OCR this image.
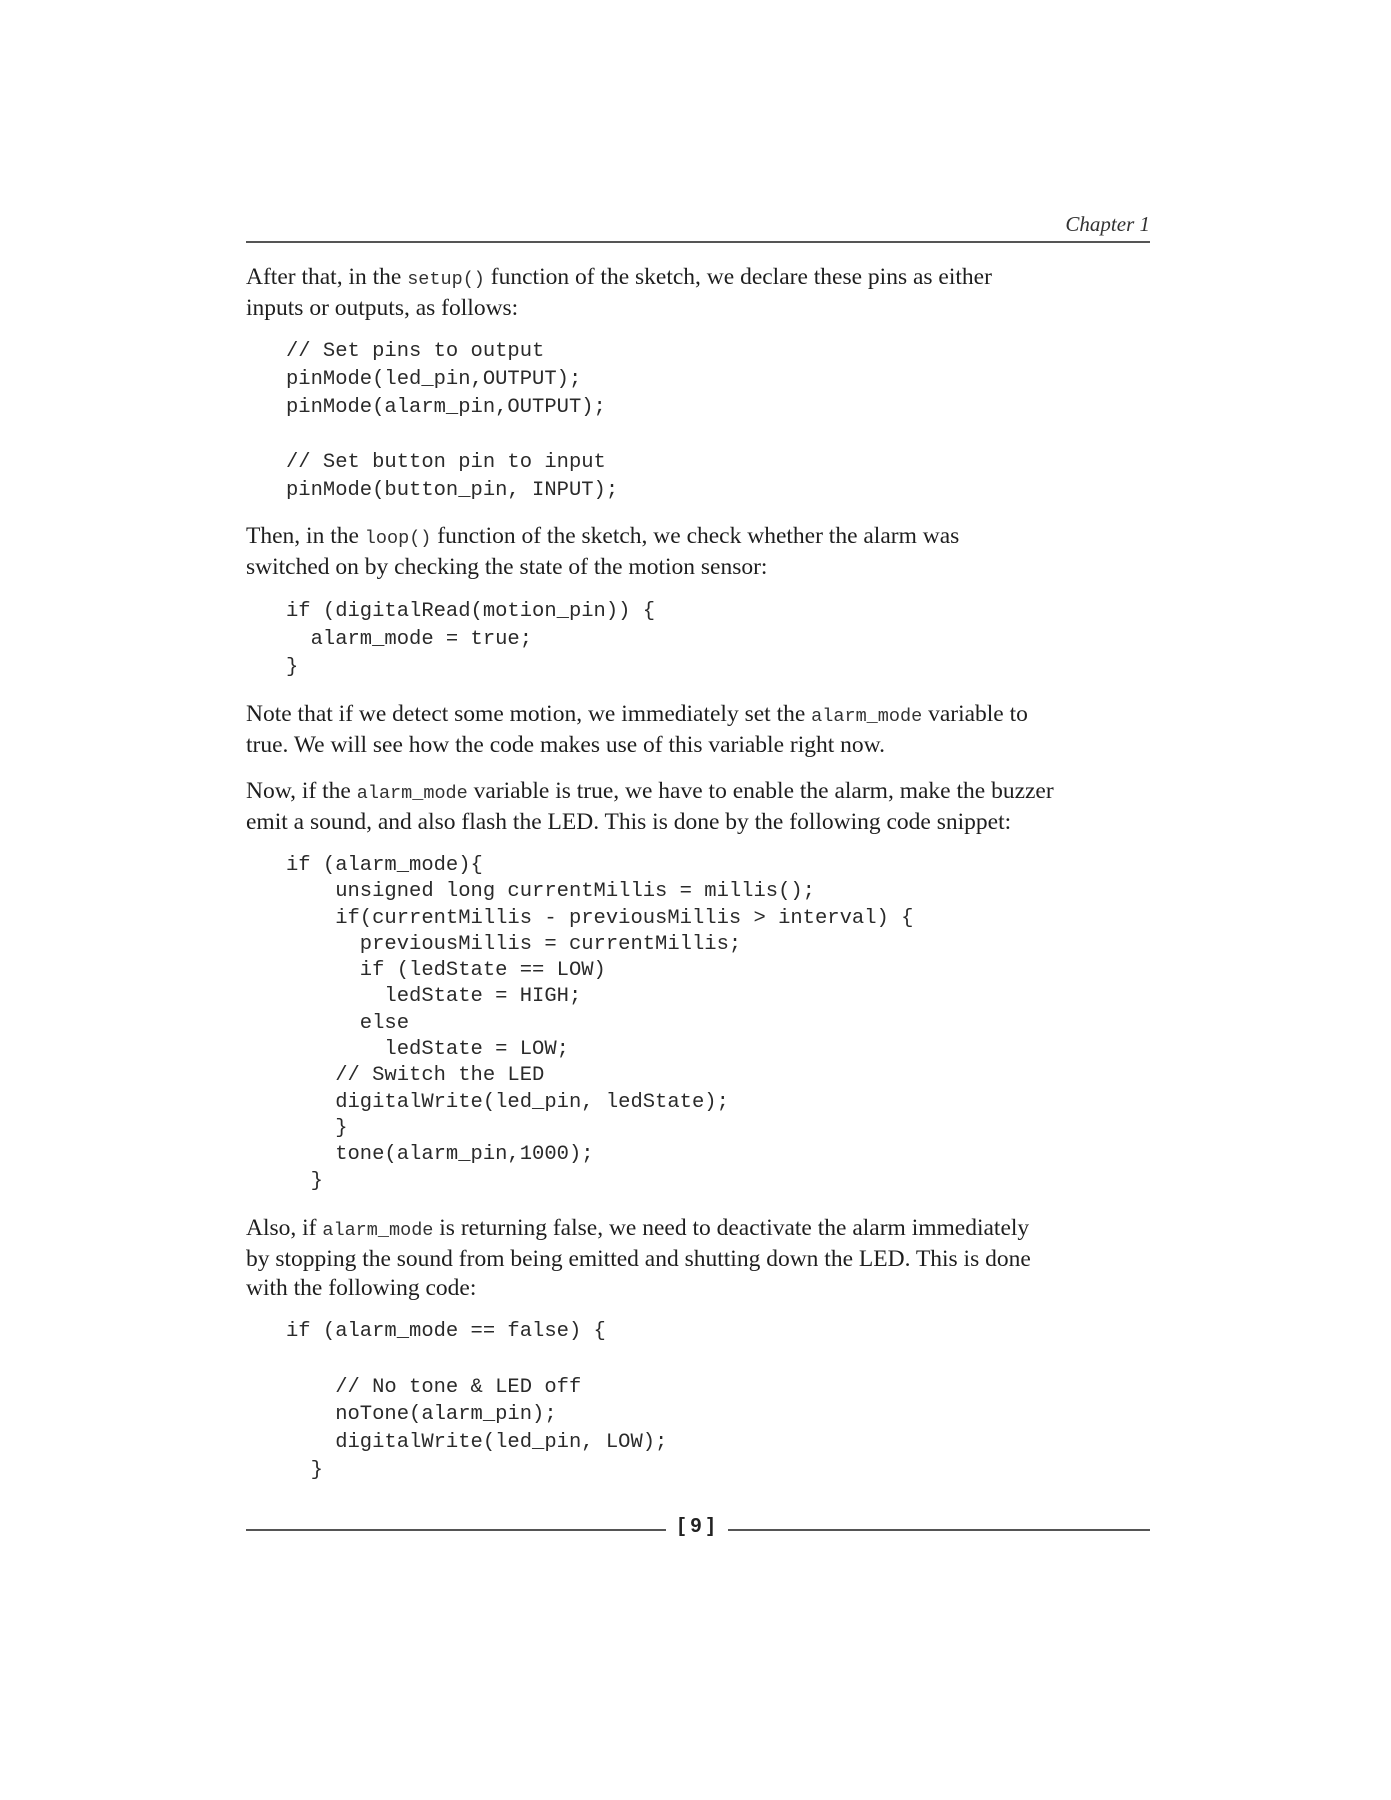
Chapter 1
After that, in the setup() function of the sketch, we declare these pins as either
inputs or outputs, as follows:
// Set pins to output
pinMode(led_pin,OUTPUT);
pinMode(alarm_pin,OUTPUT);
// Set button pin to input
pinMode(button_pin, INPUT);
Then, in the loop() function of the sketch, we check whether the alarm was
switched on by checking the state of the motion sensor:
if (digitalRead(motion_pin)) {
alarm_mode = true;
}
Note that if we detect some motion, we immediately set the alarm_mode variable to
true. We will see how the code makes use of this variable right now.
Now, if the alarm_mode variable is true, we have to enable the alarm, make the buzzer
emit a sound, and also flash the LED. This is done by the following code snippet:
if (alarm_mode){
unsigned long currentMillis = millis();
if(currentMillis - previousMillis > interval) {
previousMillis = currentMillis;
if (ledState == LOW)
ledState = HIGH;
else
ledState = LOW;
// Switch the LED
digitalWrite(led_pin, ledState);
}
tone(alarm_pin,1000);
}
Also, if alarm_mode is returning false, we need to deactivate the alarm immediately
by stopping the sound from being emitted and shutting down the LED. This is done
with the following code:
if (alarm_mode == false) {
// No tone & LED off
noTone(alarm_pin);
digitalWrite(led_pin, LOW);
}
[ 9 ]
